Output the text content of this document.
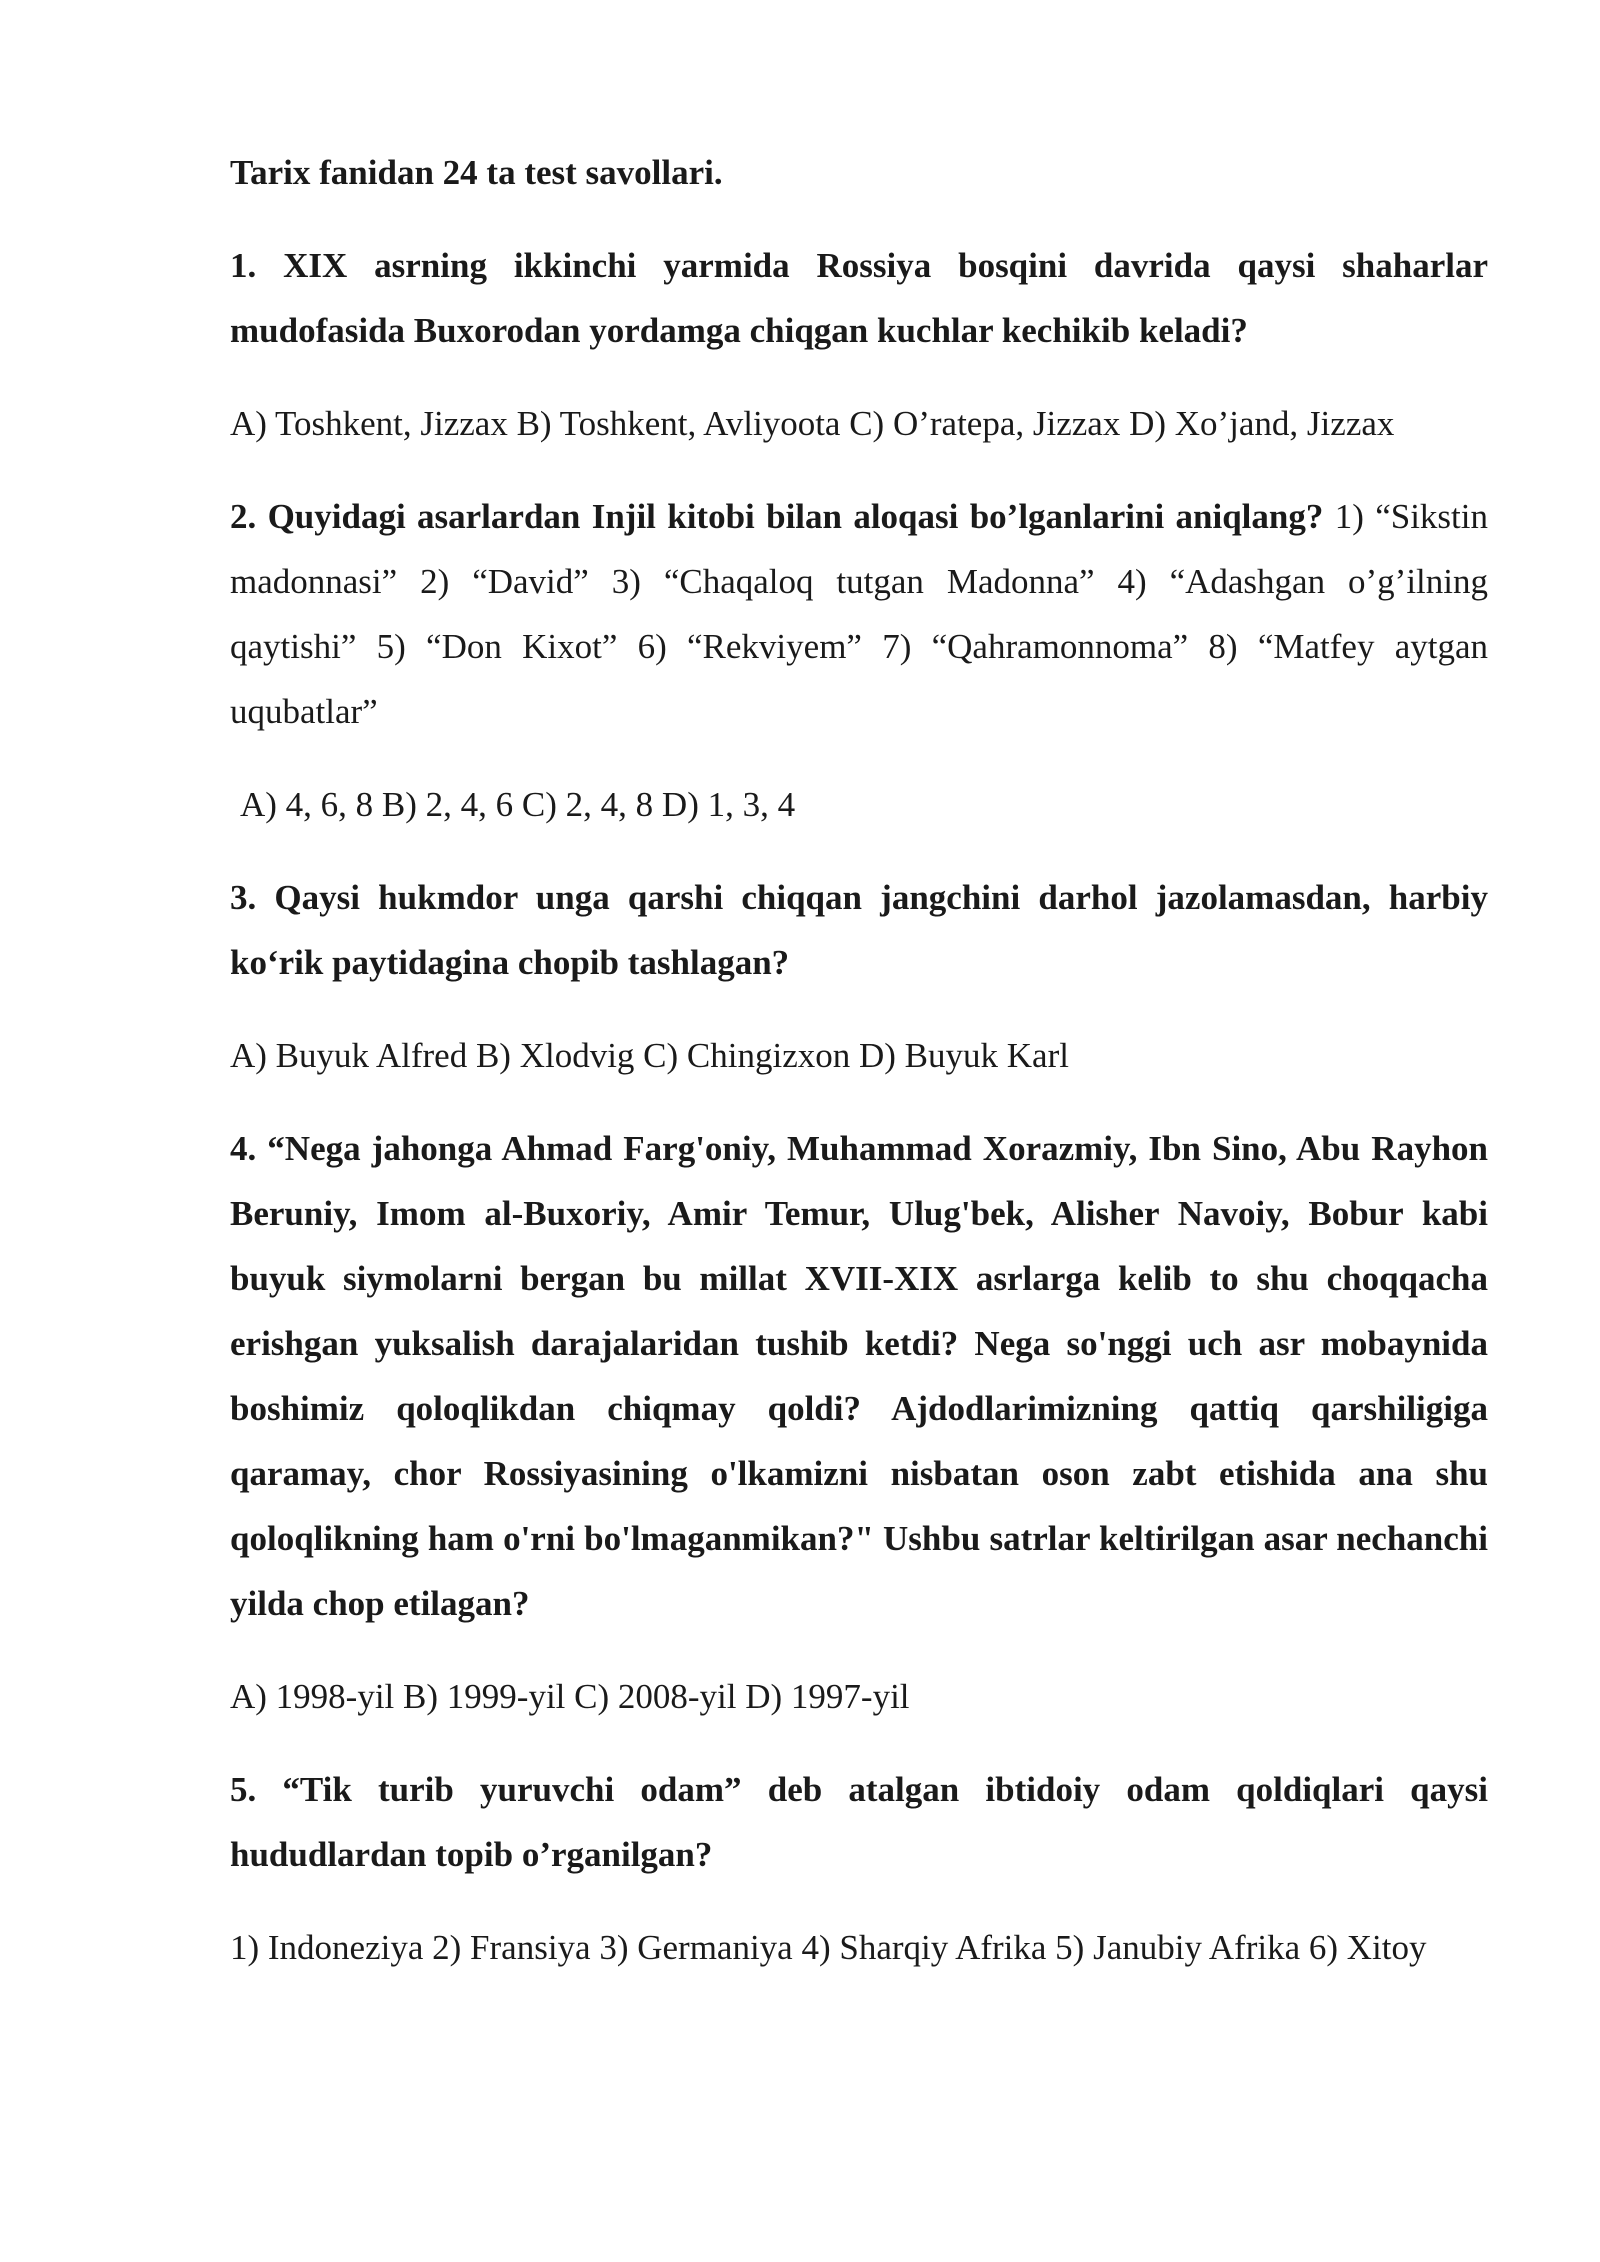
Tarix fanidan 24 ta test savollari.

1. XIX asrning ikkinchi yarmida Rossiya bosqini davrida qaysi shaharlar mudofasida Buxorodan yordamga chiqgan kuchlar kechikib keladi?

A) Toshkent, Jizzax B) Toshkent, Avliyoota C) O’ratepa, Jizzax D) Xo’jand, Jizzax

2. Quyidagi asarlardan Injil kitobi bilan aloqasi bo’lganlarini aniqlang? 1) “Sikstin madonnasi” 2) “David” 3) “Chaqaloq tutgan Madonna” 4) “Adashgan o’g’ilning qaytishi” 5) “Don Kixot” 6) “Rekviyem” 7) “Qahramonnoma” 8) “Matfey aytgan uqubatlar”

A) 4, 6, 8 B) 2, 4, 6 C) 2, 4, 8 D) 1, 3, 4

3. Qaysi hukmdor unga qarshi chiqqan jangchini darhol jazolamasdan, harbiy ko‘rik paytidagina chopib tashlagan?

A) Buyuk Alfred B) Xlodvig C) Chingizxon D) Buyuk Karl

4. “Nega jahonga Ahmad Farg'oniy, Muhammad Xorazmiy, Ibn Sino, Abu Rayhon Beruniy, Imom al-Buxoriy, Amir Temur, Ulug'bek, Alisher Navoiy, Bobur kabi buyuk siymolarni bergan bu millat XVII-XIX asrlarga kelib to shu choqqacha erishgan yuksalish darajalaridan tushib ketdi? Nega so'nggi uch asr mobaynida boshimiz qoloqlikdan chiqmay qoldi? Ajdodlarimizning qattiq qarshiligiga qaramay, chor Rossiyasining o'lkamizni nisbatan oson zabt etishida ana shu qoloqlikning ham o'rni bo'lmaganmikan?" Ushbu satrlar keltirilgan asar nechanchi yilda chop etilagan?

A) 1998-yil B) 1999-yil C) 2008-yil D) 1997-yil

5. “Tik turib yuruvchi odam” deb atalgan ibtidoiy odam qoldiqlari qaysi hududlardan topib o’rganilgan?

1) Indoneziya 2) Fransiya 3) Germaniya 4) Sharqiy Afrika 5) Janubiy Afrika 6) Xitoy
